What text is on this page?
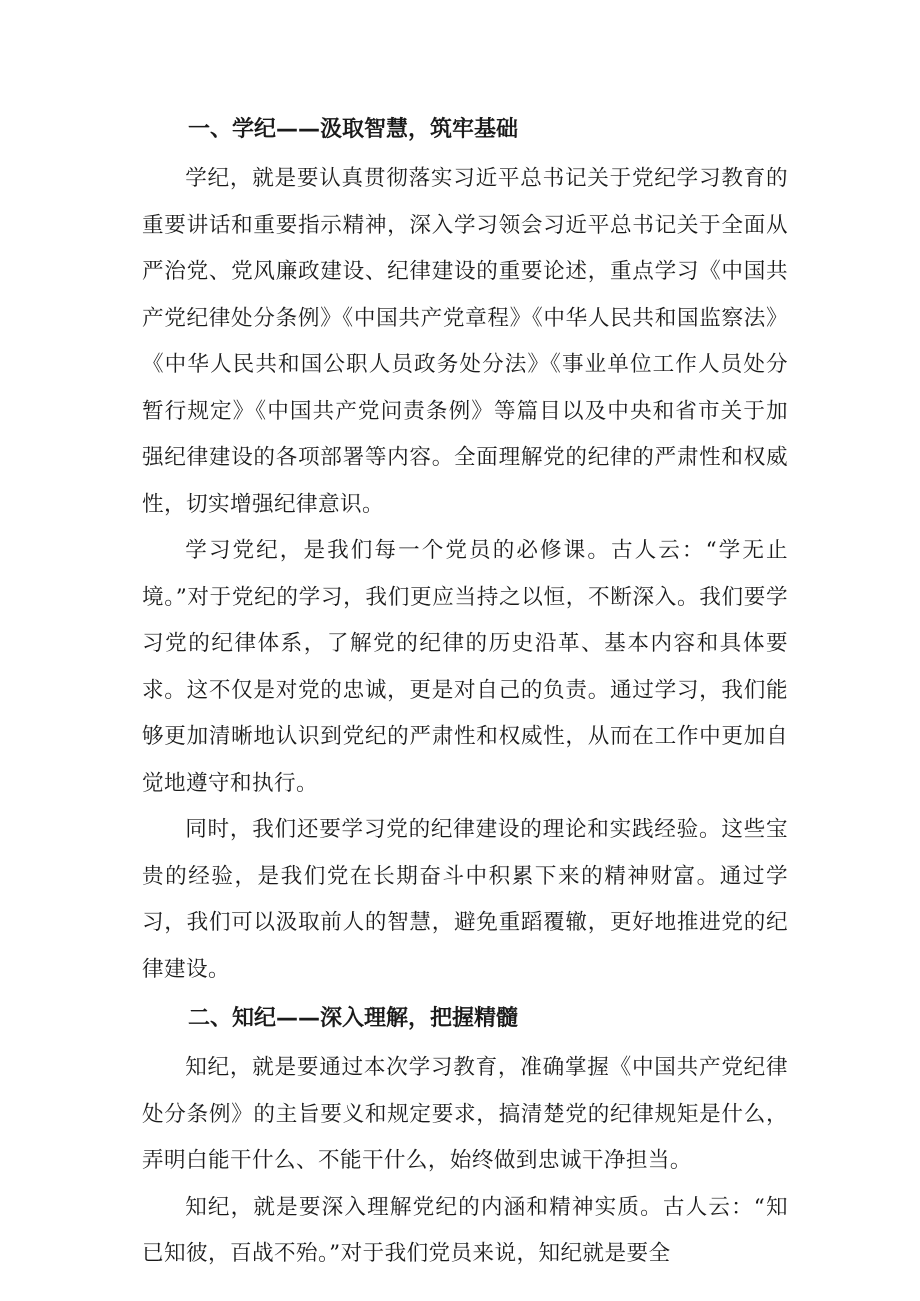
一、学纪——汲取智慧，筑牢基础

学纪，就是要认真贯彻落实习近平总书记关于党纪学习教育的重要讲话和重要指示精神，深入学习领会习近平总书记关于全面从严治党、党风廉政建设、纪律建设的重要论述，重点学习《中国共产党纪律处分条例》《中国共产党章程》《中华人民共和国监察法》《中华人民共和国公职人员政务处分法》《事业单位工作人员处分暂行规定》《中国共产党问责条例》等篇目以及中央和省市关于加强纪律建设的各项部署等内容。全面理解党的纪律的严肃性和权威性，切实增强纪律意识。

学习党纪，是我们每一个党员的必修课。古人云：“学无止境。”对于党纪的学习，我们更应当持之以恒，不断深入。我们要学习党的纪律体系，了解党的纪律的历史沿革、基本内容和具体要求。这不仅是对党的忠诚，更是对自己的负责。通过学习，我们能够更加清晰地认识到党纪的严肃性和权威性，从而在工作中更加自觉地遵守和执行。

同时，我们还要学习党的纪律建设的理论和实践经验。这些宝贵的经验，是我们党在长期奋斗中积累下来的精神财富。通过学习，我们可以汲取前人的智慧，避免重蹈覆辙，更好地推进党的纪律建设。

二、知纪——深入理解，把握精髓

知纪，就是要通过本次学习教育，准确掌握《中国共产党纪律处分条例》的主旨要义和规定要求，搞清楚党的纪律规矩是什么，弄明白能干什么、不能干什么，始终做到忠诚干净担当。

知纪，就是要深入理解党纪的内涵和精神实质。古人云：“知已知彼，百战不殆。”对于我们党员来说，知纪就是要全
